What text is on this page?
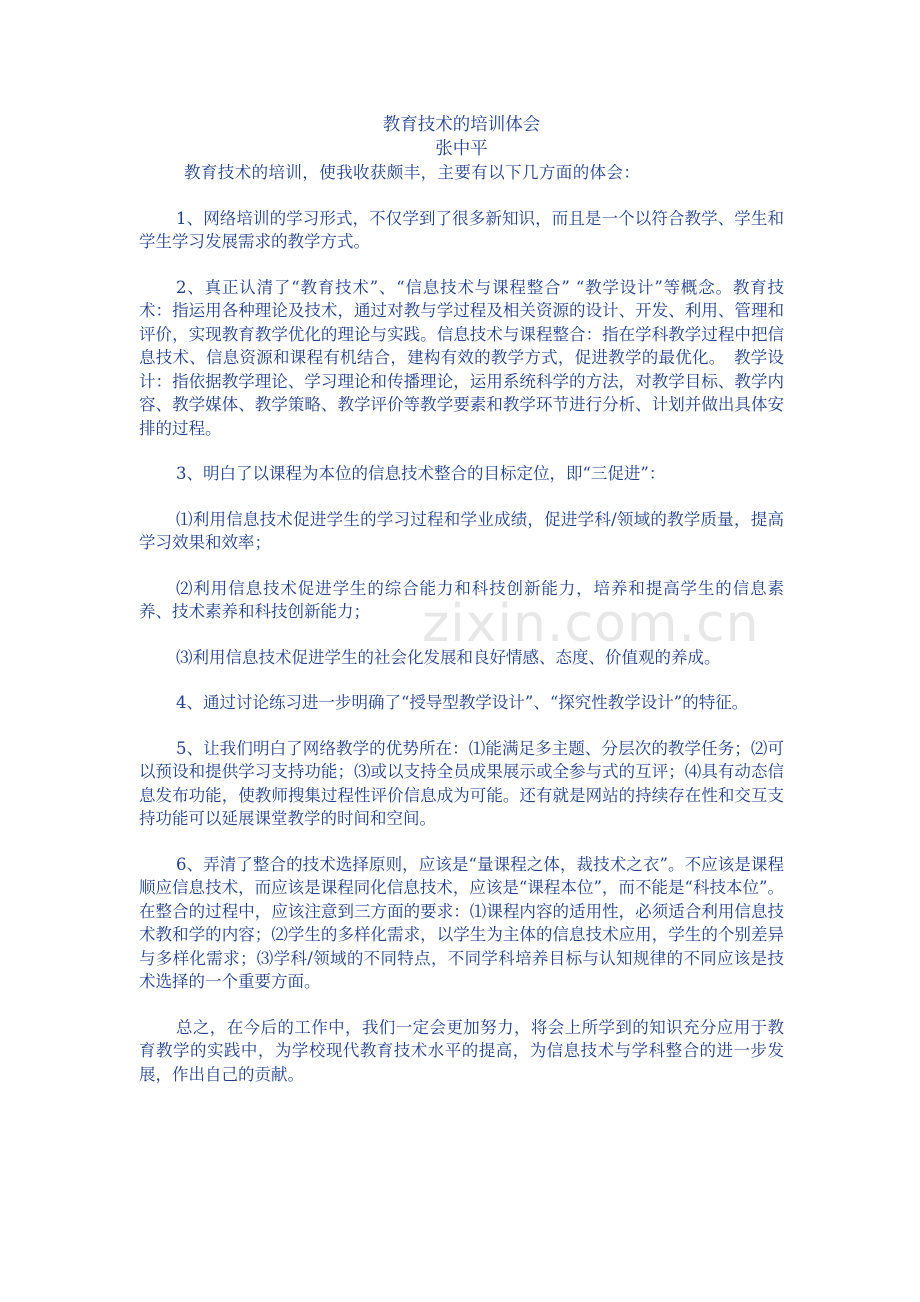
教育技术的培训体会
张中平

教育技术的培训，使我收获颇丰，主要有以下几方面的体会：

1、网络培训的学习形式，不仅学到了很多新知识，而且是一个以符合教学、学生和学生学习发展需求的教学方式。

2、真正认清了“教育技术”、“信息技术与课程整合” “教学设计”等概念。教育技术：指运用各种理论及技术，通过对教与学过程及相关资源的设计、开发、利用、管理和评价，实现教育教学优化的理论与实践。信息技术与课程整合：指在学科教学过程中把信息技术、信息资源和课程有机结合，建构有效的教学方式，促进教学的最优化。　教学设计：指依据教学理论、学习理论和传播理论，运用系统科学的方法，对教学目标、教学内容、教学媒体、教学策略、教学评价等教学要素和教学环节进行分析、计划并做出具体安排的过程。

3、明白了以课程为本位的信息技术整合的目标定位，即“三促进”：

⑴利用信息技术促进学生的学习过程和学业成绩，促进学科/领域的教学质量，提高学习效果和效率；

⑵利用信息技术促进学生的综合能力和科技创新能力，培养和提高学生的信息素养、技术素养和科技创新能力；

⑶利用信息技术促进学生的社会化发展和良好情感、态度、价值观的养成。

4、通过讨论练习进一步明确了“授导型教学设计”、“探究性教学设计”的特征。

5、让我们明白了网络教学的优势所在：⑴能满足多主题、分层次的教学任务；⑵可以预设和提供学习支持功能；⑶或以支持全员成果展示或全参与式的互评；⑷具有动态信息发布功能，使教师搜集过程性评价信息成为可能。还有就是网站的持续存在性和交互支持功能可以延展课堂教学的时间和空间。

6、弄清了整合的技术选择原则，应该是“量课程之体，裁技术之衣”。不应该是课程顺应信息技术，而应该是课程同化信息技术，应该是“课程本位”，而不能是“科技本位”。在整合的过程中，应该注意到三方面的要求：⑴课程内容的适用性，必须适合利用信息技术教和学的内容；⑵学生的多样化需求，以学生为主体的信息技术应用，学生的个别差异与多样化需求；⑶学科/领域的不同特点，不同学科培养目标与认知规律的不同应该是技术选择的一个重要方面。

总之，在今后的工作中，我们一定会更加努力，将会上所学到的知识充分应用于教育教学的实践中，为学校现代教育技术水平的提高，为信息技术与学科整合的进一步发展，作出自己的贡献。

zixin.com.cn
